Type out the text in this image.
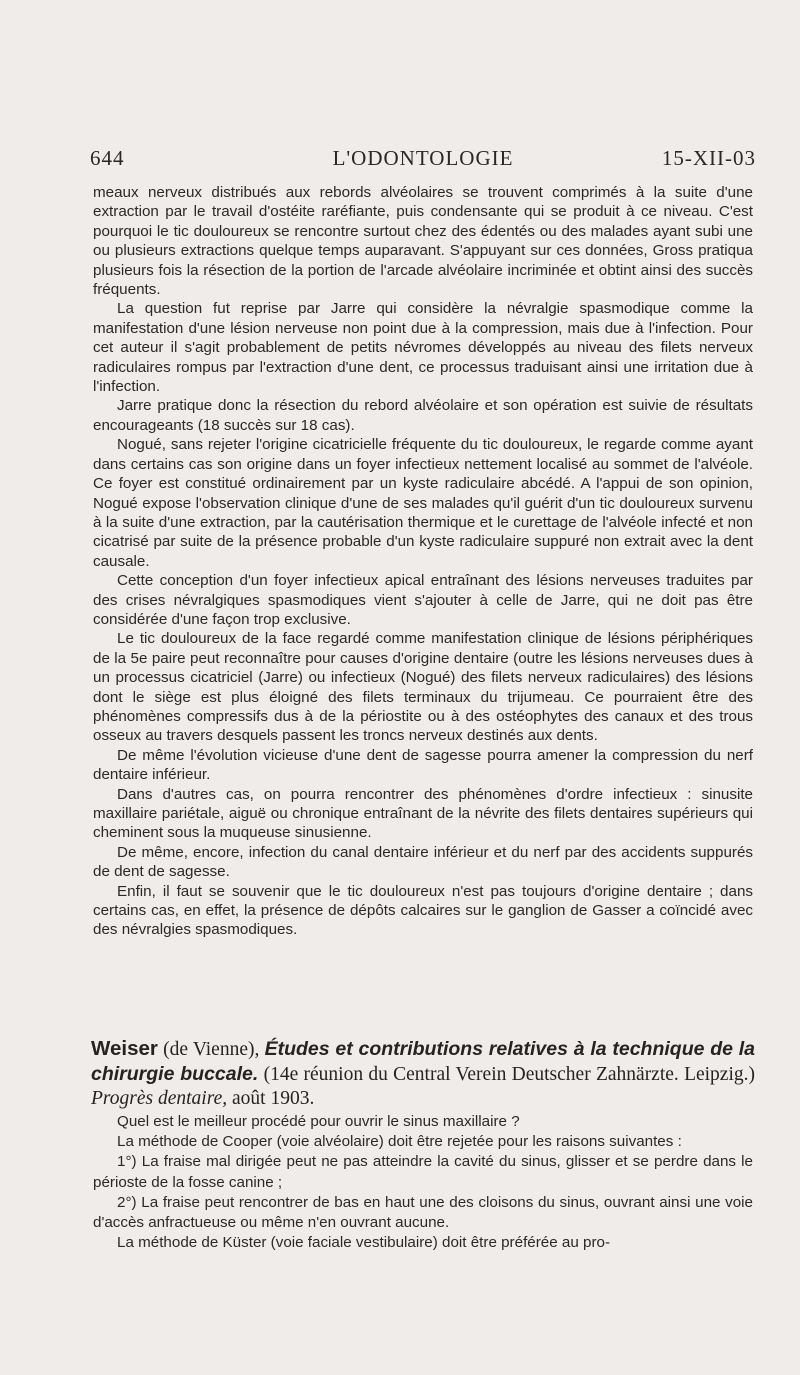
644	L'ODONTOLOGIE	15-XII-03

meaux nerveux distribués aux rebords alvéolaires se trouvent comprimés à la suite d'une extraction par le travail d'ostéite raréfiante, puis condensante qui se produit à ce niveau. C'est pourquoi le tic douloureux se rencontre surtout chez des édentés ou des malades ayant subi une ou plusieurs extractions quelque temps auparavant. S'appuyant sur ces données, Gross pratiqua plusieurs fois la résection de la portion de l'arcade alvéolaire incriminée et obtint ainsi des succès fréquents.

La question fut reprise par Jarre qui considère la névralgie spasmodique comme la manifestation d'une lésion nerveuse non point due à la compression, mais due à l'infection. Pour cet auteur il s'agit probablement de petits névromes développés au niveau des filets nerveux radiculaires rompus par l'extraction d'une dent, ce processus traduisant ainsi une irritation due à l'infection.

Jarre pratique donc la résection du rebord alvéolaire et son opération est suivie de résultats encourageants (18 succès sur 18 cas).

Nogué, sans rejeter l'origine cicatricielle fréquente du tic douloureux, le regarde comme ayant dans certains cas son origine dans un foyer infectieux nettement localisé au sommet de l'alvéole. Ce foyer est constitué ordinairement par un kyste radiculaire abcédé. A l'appui de son opinion, Nogué expose l'observation clinique d'une de ses malades qu'il guérit d'un tic douloureux survenu à la suite d'une extraction, par la cautérisation thermique et le curettage de l'alvéole infecté et non cicatrisé par suite de la présence probable d'un kyste radiculaire suppuré non extrait avec la dent causale.

Cette conception d'un foyer infectieux apical entraînant des lésions nerveuses traduites par des crises névralgiques spasmodiques vient s'ajouter à celle de Jarre, qui ne doit pas être considérée d'une façon trop exclusive.

Le tic douloureux de la face regardé comme manifestation clinique de lésions périphériques de la 5e paire peut reconnaître pour causes d'origine dentaire (outre les lésions nerveuses dues à un processus cicatriciel (Jarre) ou infectieux (Nogué) des filets nerveux radiculaires) des lésions dont le siège est plus éloigné des filets terminaux du trijumeau. Ce pourraient être des phénomènes compressifs dus à de la périostite ou à des ostéophytes des canaux et des trous osseux au travers desquels passent les troncs nerveux destinés aux dents.

De même l'évolution vicieuse d'une dent de sagesse pourra amener la compression du nerf dentaire inférieur.

Dans d'autres cas, on pourra rencontrer des phénomènes d'ordre infectieux : sinusite maxillaire pariétale, aiguë ou chronique entraînant de la névrite des filets dentaires supérieurs qui cheminent sous la muqueuse sinusienne.

De même, encore, infection du canal dentaire inférieur et du nerf par des accidents suppurés de dent de sagesse.

Enfin, il faut se souvenir que le tic douloureux n'est pas toujours d'origine dentaire ; dans certains cas, en effet, la présence de dépôts calcaires sur le ganglion de Gasser a coïncidé avec des névralgies spasmodiques.

Weiser (de Vienne), Études et contributions relatives à la technique de la chirurgie buccale. (14e réunion du Central Verein Deutscher Zahnärzte. Leipzig.) Progrès dentaire, août 1903.

Quel est le meilleur procédé pour ouvrir le sinus maxillaire ?

La méthode de Cooper (voie alvéolaire) doit être rejetée pour les raisons suivantes :

1°) La fraise mal dirigée peut ne pas atteindre la cavité du sinus, glisser et se perdre dans le périoste de la fosse canine ;

2°) La fraise peut rencontrer de bas en haut une des cloisons du sinus, ouvrant ainsi une voie d'accès anfractueuse ou même n'en ouvrant aucune.

La méthode de Küster (voie faciale vestibulaire) doit être préférée au pro-
